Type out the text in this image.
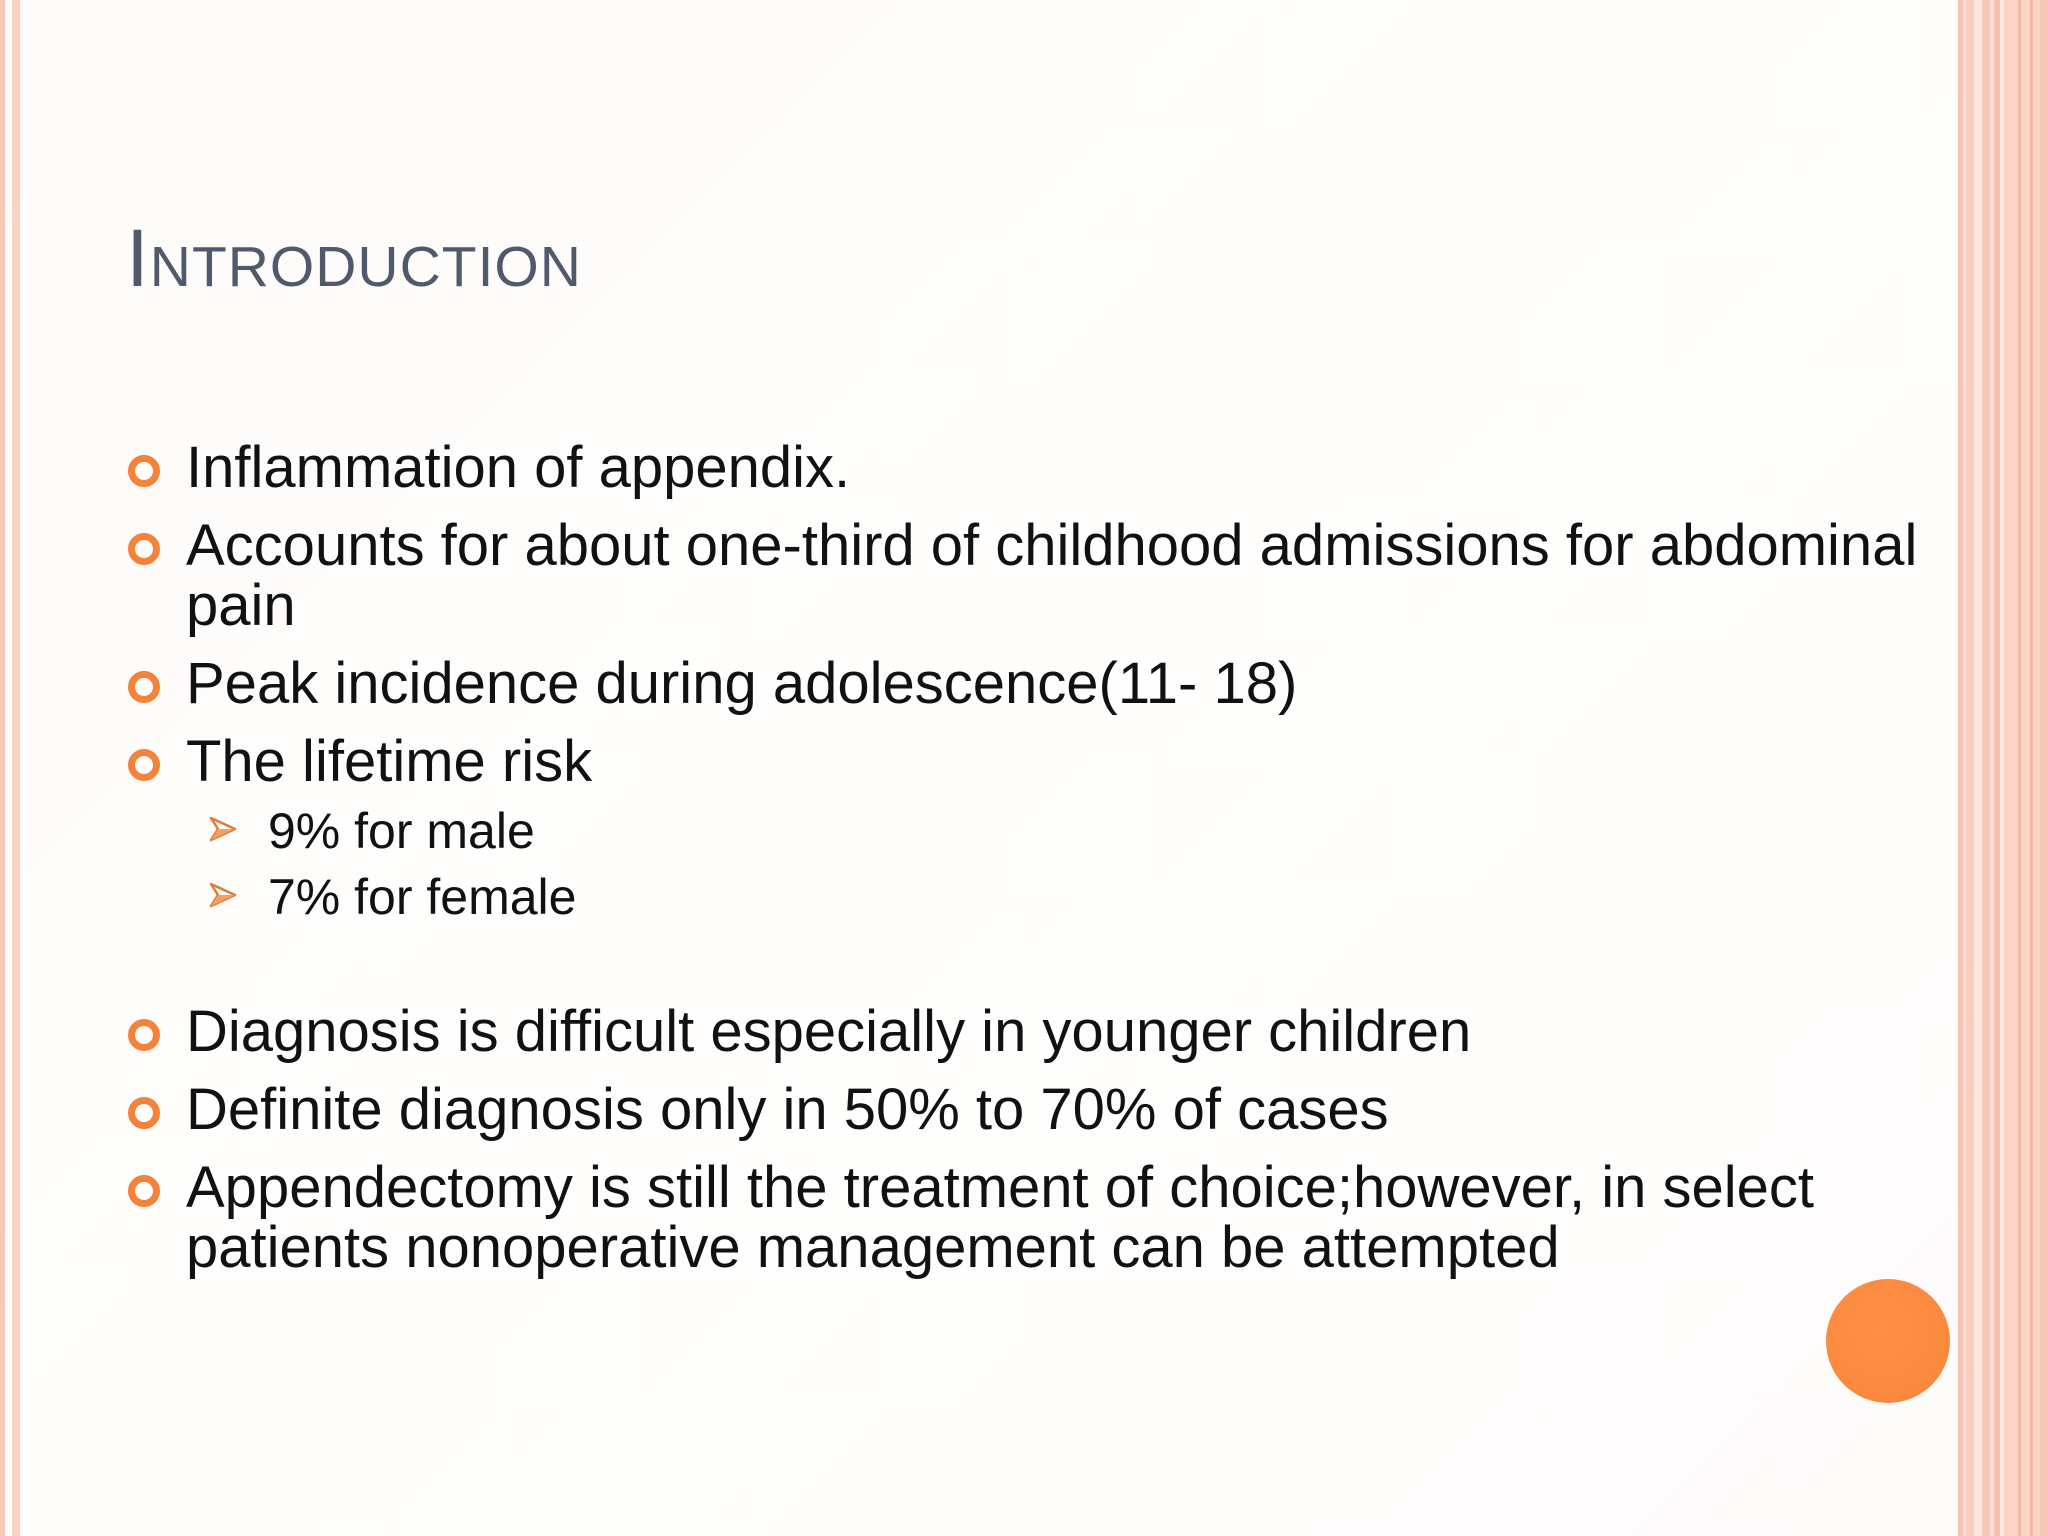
Introduction
Inflammation of appendix.
Accounts for about one-third of childhood admissions for abdominal pain
Peak incidence during adolescence(11- 18)
The lifetime risk
9% for male
7% for female
Diagnosis is difficult especially in younger children
Definite diagnosis only in 50% to 70% of cases
Appendectomy is still the treatment of choice;however, in select patients nonoperative management can be attempted
